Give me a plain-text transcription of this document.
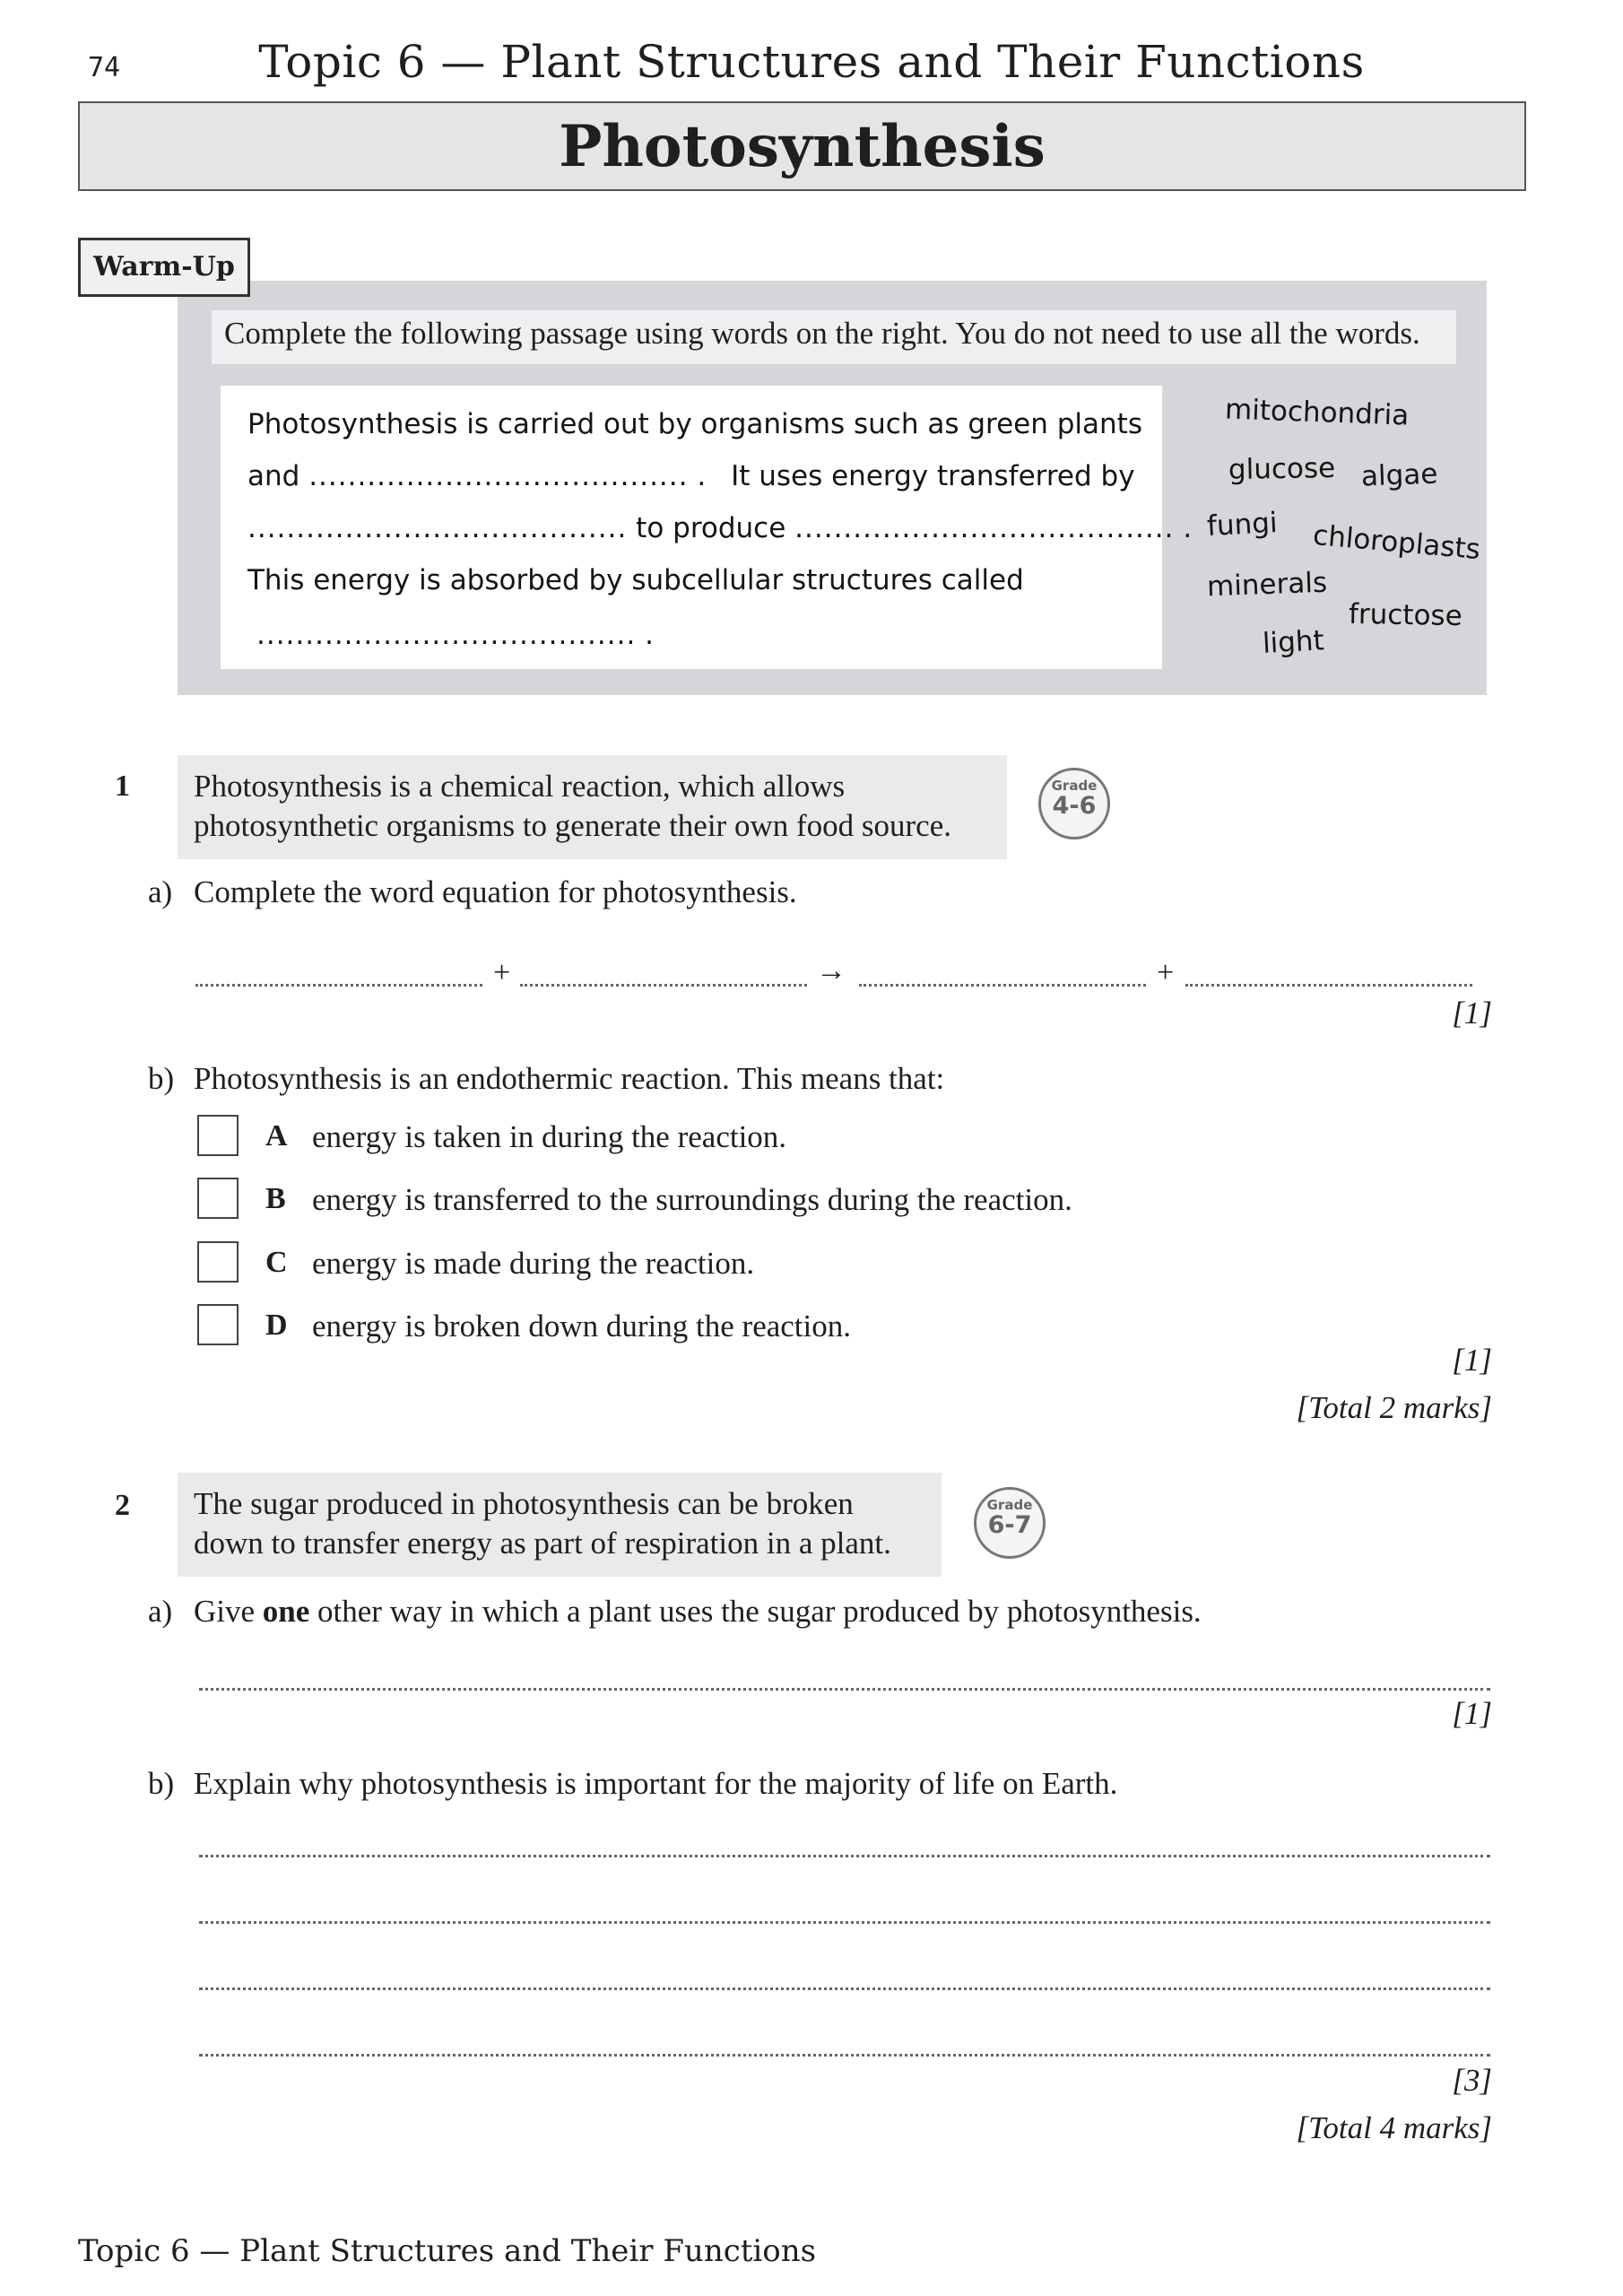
74	Topic 6 — Plant Structures and Their Functions
Photosynthesis
Warm-Up
Complete the following passage using words on the right. You do not need to use all the words.
Photosynthesis is carried out by organisms such as green plants
and ....................................... . It uses energy transferred by
....................................... to produce ....................................... .
This energy is absorbed by subcellular structures called
....................................... .
mitochondria
glucose algae
fungi chloroplasts
minerals
fructose
light
1 Photosynthesis is a chemical reaction, which allows
photosynthetic organisms to generate their own food source.
Grade
4-6
a) Complete the word equation for photosynthesis.
+	→	+
[1]
b) Photosynthesis is an endothermic reaction. This means that:
A energy is taken in during the reaction.
B energy is transferred to the surroundings during the reaction.
C energy is made during the reaction.
D energy is broken down during the reaction.
[1]
[Total 2 marks]
2 The sugar produced in photosynthesis can be broken
down to transfer energy as part of respiration in a plant.
Grade
6-7
a) Give one other way in which a plant uses the sugar produced by photosynthesis.
[1]
b) Explain why photosynthesis is important for the majority of life on Earth.
[3]
[Total 4 marks]
Topic 6 — Plant Structures and Their Functions
